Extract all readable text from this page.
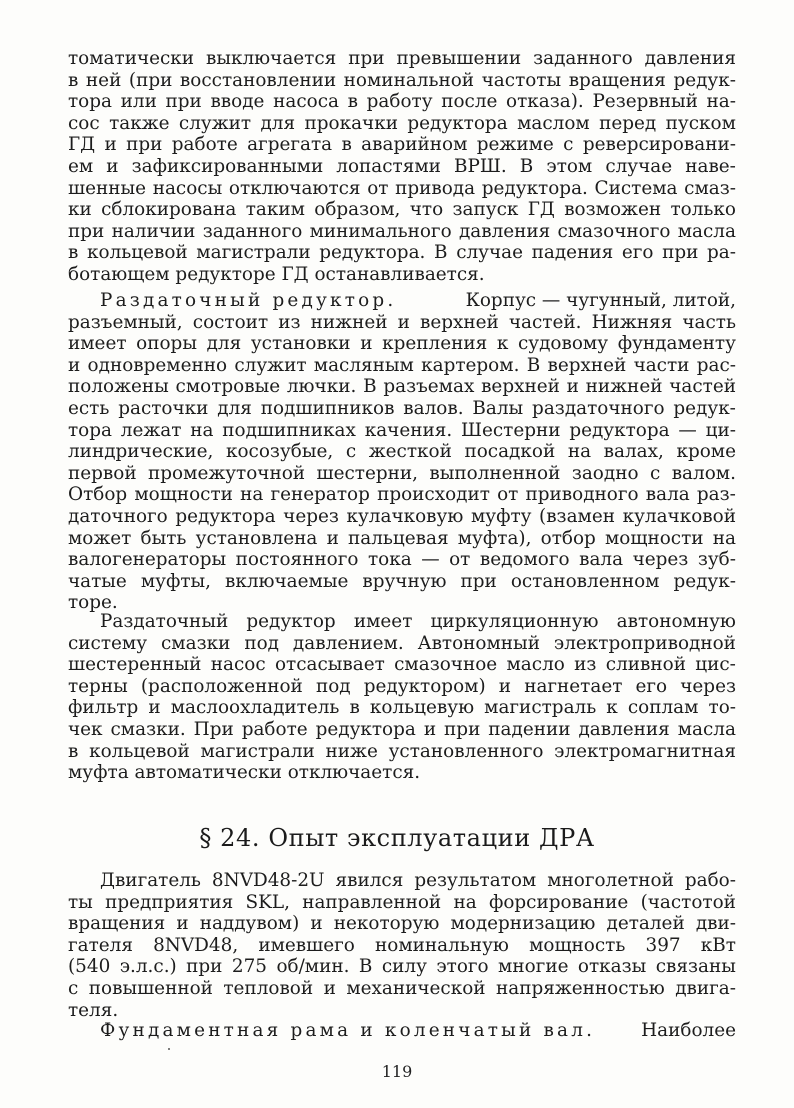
томатически выключается при превышении заданного давления
в ней (при восстановлении номинальной частоты вращения редук-
тора или при вводе насоса в работу после отказа). Резервный на-
сос также служит для прокачки редуктора маслом перед пуском
ГД и при работе агрегата в аварийном режиме с реверсировани-
ем и зафиксированными лопастями ВРШ. В этом случае наве-
шенные насосы отключаются от привода редуктора. Система смаз-
ки сблокирована таким образом, что запуск ГД возможен только
при наличии заданного минимального давления смазочного масла
в кольцевой магистрали редуктора. В случае падения его при ра-
ботающем редукторе ГД останавливается.
Раздаточный редуктор.	Корпус — чугунный, литой,
разъемный, состоит из нижней и верхней частей. Нижняя часть
имеет опоры для установки и крепления к судовому фундаменту
и одновременно служит масляным картером. В верхней части рас-
положены смотровые лючки. В разъемах верхней и нижней частей
есть расточки для подшипников валов. Валы раздаточного редук-
тора лежат на подшипниках качения. Шестерни редуктора — ци-
линдрические, косозубые, с жесткой посадкой на валах, кроме
первой промежуточной шестерни, выполненной заодно с валом.
Отбор мощности на генератор происходит от приводного вала раз-
даточного редуктора через кулачковую муфту (взамен кулачковой
может быть установлена и пальцевая муфта), отбор мощности на
валогенераторы постоянного тока — от ведомого вала через зуб-
чатые муфты, включаемые вручную при остановленном редук-
торе.
Раздаточный редуктор имеет циркуляционную автономную
систему смазки под давлением. Автономный электроприводной
шестеренный насос отсасывает смазочное масло из сливной цис-
терны (расположенной под редуктором) и нагнетает его через
фильтр и маслоохладитель в кольцевую магистраль к соплам то-
чек смазки. При работе редуктора и при падении давления масла
в кольцевой магистрали ниже установленного электромагнитная
муфта автоматически отключается.
§ 24. Опыт эксплуатации ДРА
Двигатель 8NVD48-2U явился результатом многолетной рабо-
ты предприятия SKL, направленной на форсирование (частотой
вращения и наддувом) и некоторую модернизацию деталей дви-
гателя 8NVD48, имевшего номинальную мощность 397 кВт
(540 э.л.с.) при 275 об/мин. В силу этого многие отказы связаны
с повышенной тепловой и механической напряженностью двига-
теля.
Фундаментная рама и коленчатый вал. Наиболее
119
